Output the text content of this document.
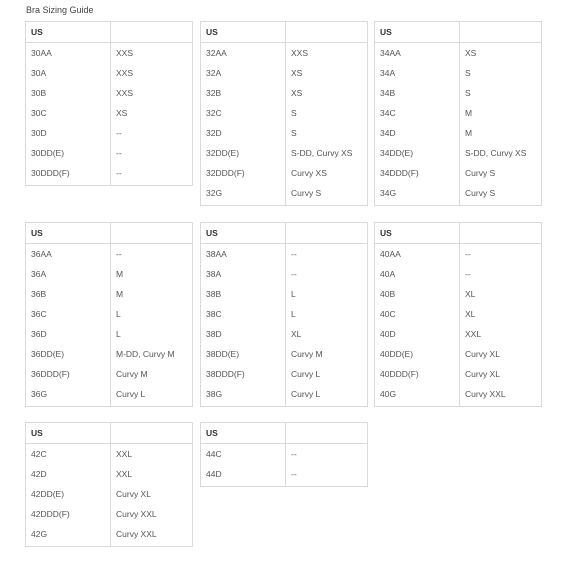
Bra Sizing Guide
US	
30AA	XXS
30A	XXS
30B	XXS
30C	XS
30D	--
30DD(E)	--
30DDD(F)	--
US	
32AA	XXS
32A	XS
32B	XS
32C	S
32D	S
32DD(E)	S-DD, Curvy XS
32DDD(F)	Curvy XS
32G	Curvy S
US	
34AA	XS
34A	S
34B	S
34C	M
34D	M
34DD(E)	S-DD, Curvy XS
34DDD(F)	Curvy S
34G	Curvy S
US	
36AA	--
36A	M
36B	M
36C	L
36D	L
36DD(E)	M-DD, Curvy M
36DDD(F)	Curvy M
36G	Curvy L
US	
38AA	--
38A	--
38B	L
38C	L
38D	XL
38DD(E)	Curvy M
38DDD(F)	Curvy L
38G	Curvy L
US	
40AA	--
40A	--
40B	XL
40C	XL
40D	XXL
40DD(E)	Curvy XL
40DDD(F)	Curvy XL
40G	Curvy XXL
US	
42C	XXL
42D	XXL
42DD(E)	Curvy XL
42DDD(F)	Curvy XXL
42G	Curvy XXL
US	
44C	--
44D	--
